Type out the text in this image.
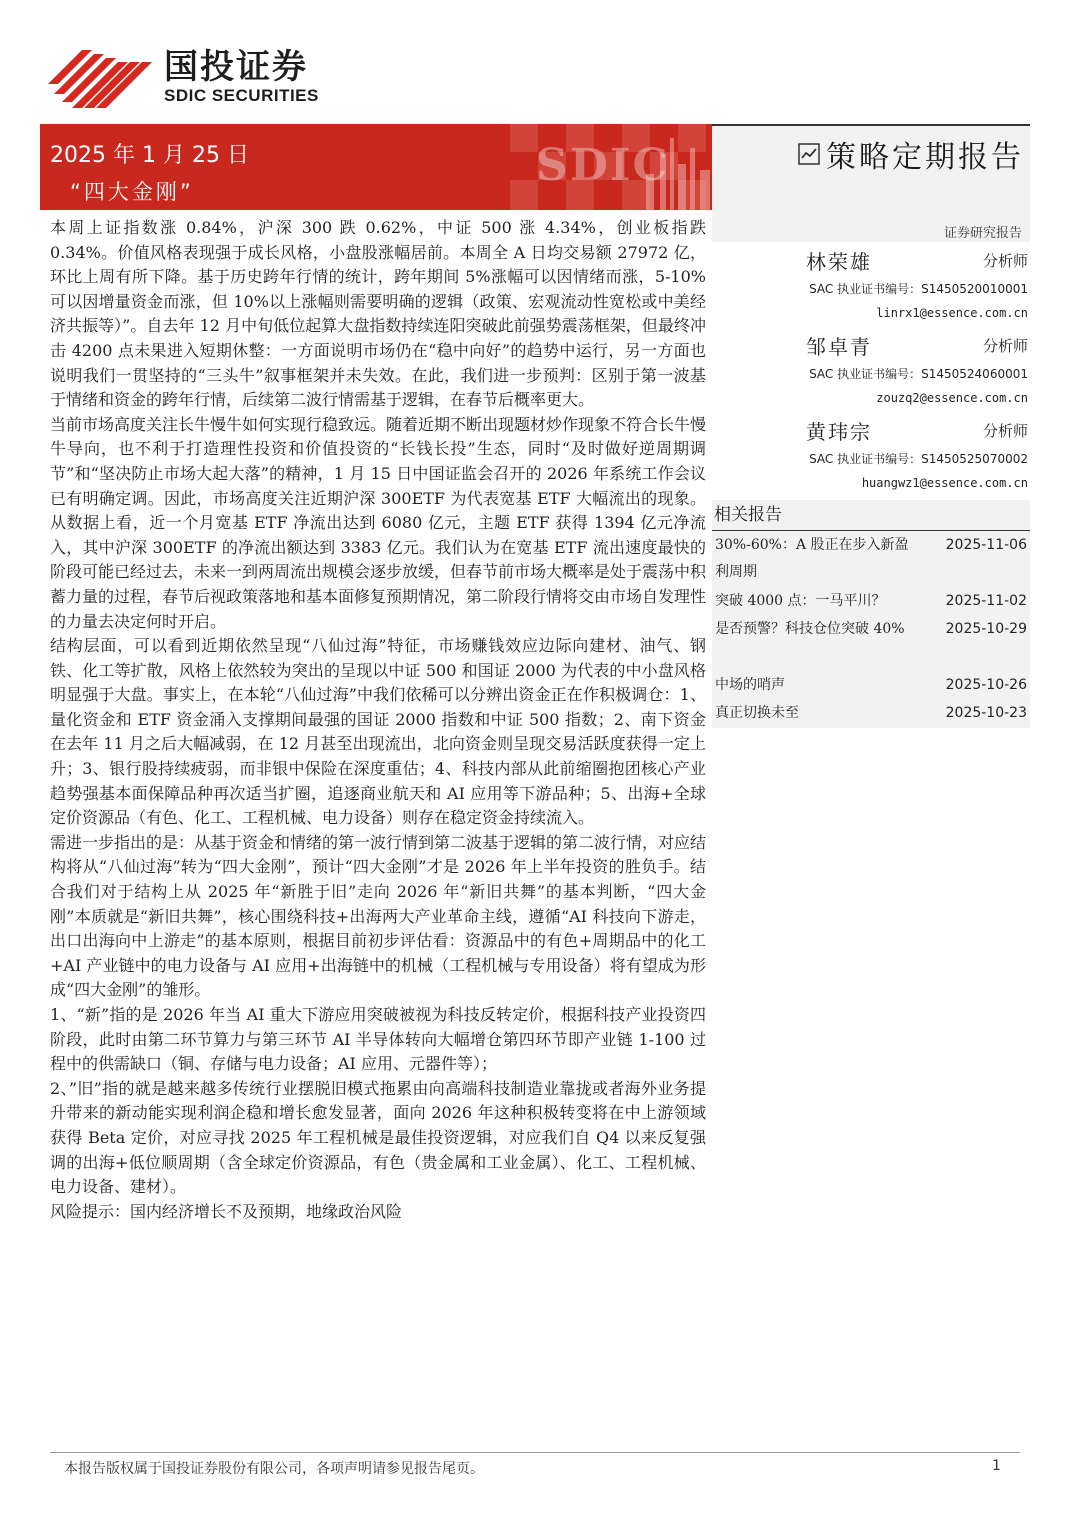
国投证券
SDIC SECURITIES
SDIC
2025 年 1 月 25 日
“四大金刚”
策略定期报告
证券研究报告
林荣雄	分析师
SAC 执业证书编号：S1450520010001
linrx1@essence.com.cn
邹卓青	分析师
SAC 执业证书编号：S1450524060001
zouzq2@essence.com.cn
黄玮宗	分析师
SAC 执业证书编号：S1450525070002
huangwz1@essence.com.cn
相关报告
30%-60%：A 股正在步入新盈利周期
2025-11-06
突破 4000 点：一马平川？	2025-11-02
是否预警？科技仓位突破 40%	2025-10-29
中场的哨声	2025-10-26
真正切换未至	2025-10-23

本周上证指数涨 0.84%，沪深 300 跌 0.62%，中证 500 涨 4.34%，创业板指跌 0.34%。价值风格表现强于成长风格，小盘股涨幅居前。本周全 A 日均交易额 27972 亿，环比上周有所下降。基于历史跨年行情的统计，跨年期间 5%涨幅可以因情绪而涨，5-10%可以因增量资金而涨，但 10%以上涨幅则需要明确的逻辑（政策、宏观流动性宽松或中美经济共振等）”。自去年 12 月中旬低位起算大盘指数持续连阳突破此前强势震荡框架，但最终冲击 4200 点未果进入短期休整：一方面说明市场仍在“稳中向好”的趋势中运行，另一方面也说明我们一贯坚持的“三头牛”叙事框架并未失效。在此，我们进一步预判：区别于第一波基于情绪和资金的跨年行情，后续第二波行情需基于逻辑，在春节后概率更大。

当前市场高度关注长牛慢牛如何实现行稳致远。随着近期不断出现题材炒作现象不符合长牛慢牛导向，也不利于打造理性投资和价值投资的“长钱长投”生态，同时“及时做好逆周期调节”和“坚决防止市场大起大落”的精神，1 月 15 日中国证监会召开的 2026 年系统工作会议已有明确定调。因此，市场高度关注近期沪深 300ETF 为代表宽基 ETF 大幅流出的现象。从数据上看，近一个月宽基 ETF 净流出达到 6080 亿元，主题 ETF 获得 1394 亿元净流入，其中沪深 300ETF 的净流出额达到 3383 亿元。我们认为在宽基 ETF 流出速度最快的阶段可能已经过去，未来一到两周流出规模会逐步放缓，但春节前市场大概率是处于震荡中积蓄力量的过程，春节后视政策落地和基本面修复预期情况，第二阶段行情将交由市场自发理性的力量去决定何时开启。

结构层面，可以看到近期依然呈现“八仙过海”特征，市场赚钱效应边际向建材、油气、钢铁、化工等扩散，风格上依然较为突出的呈现以中证 500 和国证 2000 为代表的中小盘风格明显强于大盘。事实上，在本轮“八仙过海”中我们依稀可以分辨出资金正在作积极调仓：1、量化资金和 ETF 资金涌入支撑期间最强的国证 2000 指数和中证 500 指数；2、南下资金在去年 11 月之后大幅减弱，在 12 月甚至出现流出，北向资金则呈现交易活跃度获得一定上升；3、银行股持续疲弱，而非银中保险在深度重估；4、科技内部从此前缩圈抱团核心产业趋势强基本面保障品种再次适当扩圈，追逐商业航天和 AI 应用等下游品种；5、出海+全球定价资源品（有色、化工、工程机械、电力设备）则存在稳定资金持续流入。

需进一步指出的是：从基于资金和情绪的第一波行情到第二波基于逻辑的第二波行情，对应结构将从“八仙过海”转为“四大金刚”，预计“四大金刚”才是 2026 年上半年投资的胜负手。结合我们对于结构上从 2025 年“新胜于旧”走向 2026 年“新旧共舞”的基本判断，“四大金刚”本质就是“新旧共舞”，核心围绕科技+出海两大产业革命主线，遵循“AI 科技向下游走，出口出海向中上游走”的基本原则，根据目前初步评估看：资源品中的有色+周期品中的化工+AI 产业链中的电力设备与 AI 应用+出海链中的机械（工程机械与专用设备）将有望成为形成“四大金刚”的雏形。

1、“新”指的是 2026 年当 AI 重大下游应用突破被视为科技反转定价，根据科技产业投资四阶段，此时由第二环节算力与第三环节 AI 半导体转向大幅增仓第四环节即产业链 1-100 过程中的供需缺口（铜、存储与电力设备；AI 应用、元器件等）；

2、”旧”指的就是越来越多传统行业摆脱旧模式拖累由向高端科技制造业靠拢或者海外业务提升带来的新动能实现利润企稳和增长愈发显著，面向 2026 年这种积极转变将在中上游领域获得 Beta 定价，对应寻找 2025 年工程机械是最佳投资逻辑，对应我们自 Q4 以来反复强调的出海+低位顺周期（含全球定价资源品，有色（贵金属和工业金属）、化工、工程机械、电力设备、建材）。

风险提示：国内经济增长不及预期，地缘政治风险

本报告版权属于国投证券股份有限公司，各项声明请参见报告尾页。	1
